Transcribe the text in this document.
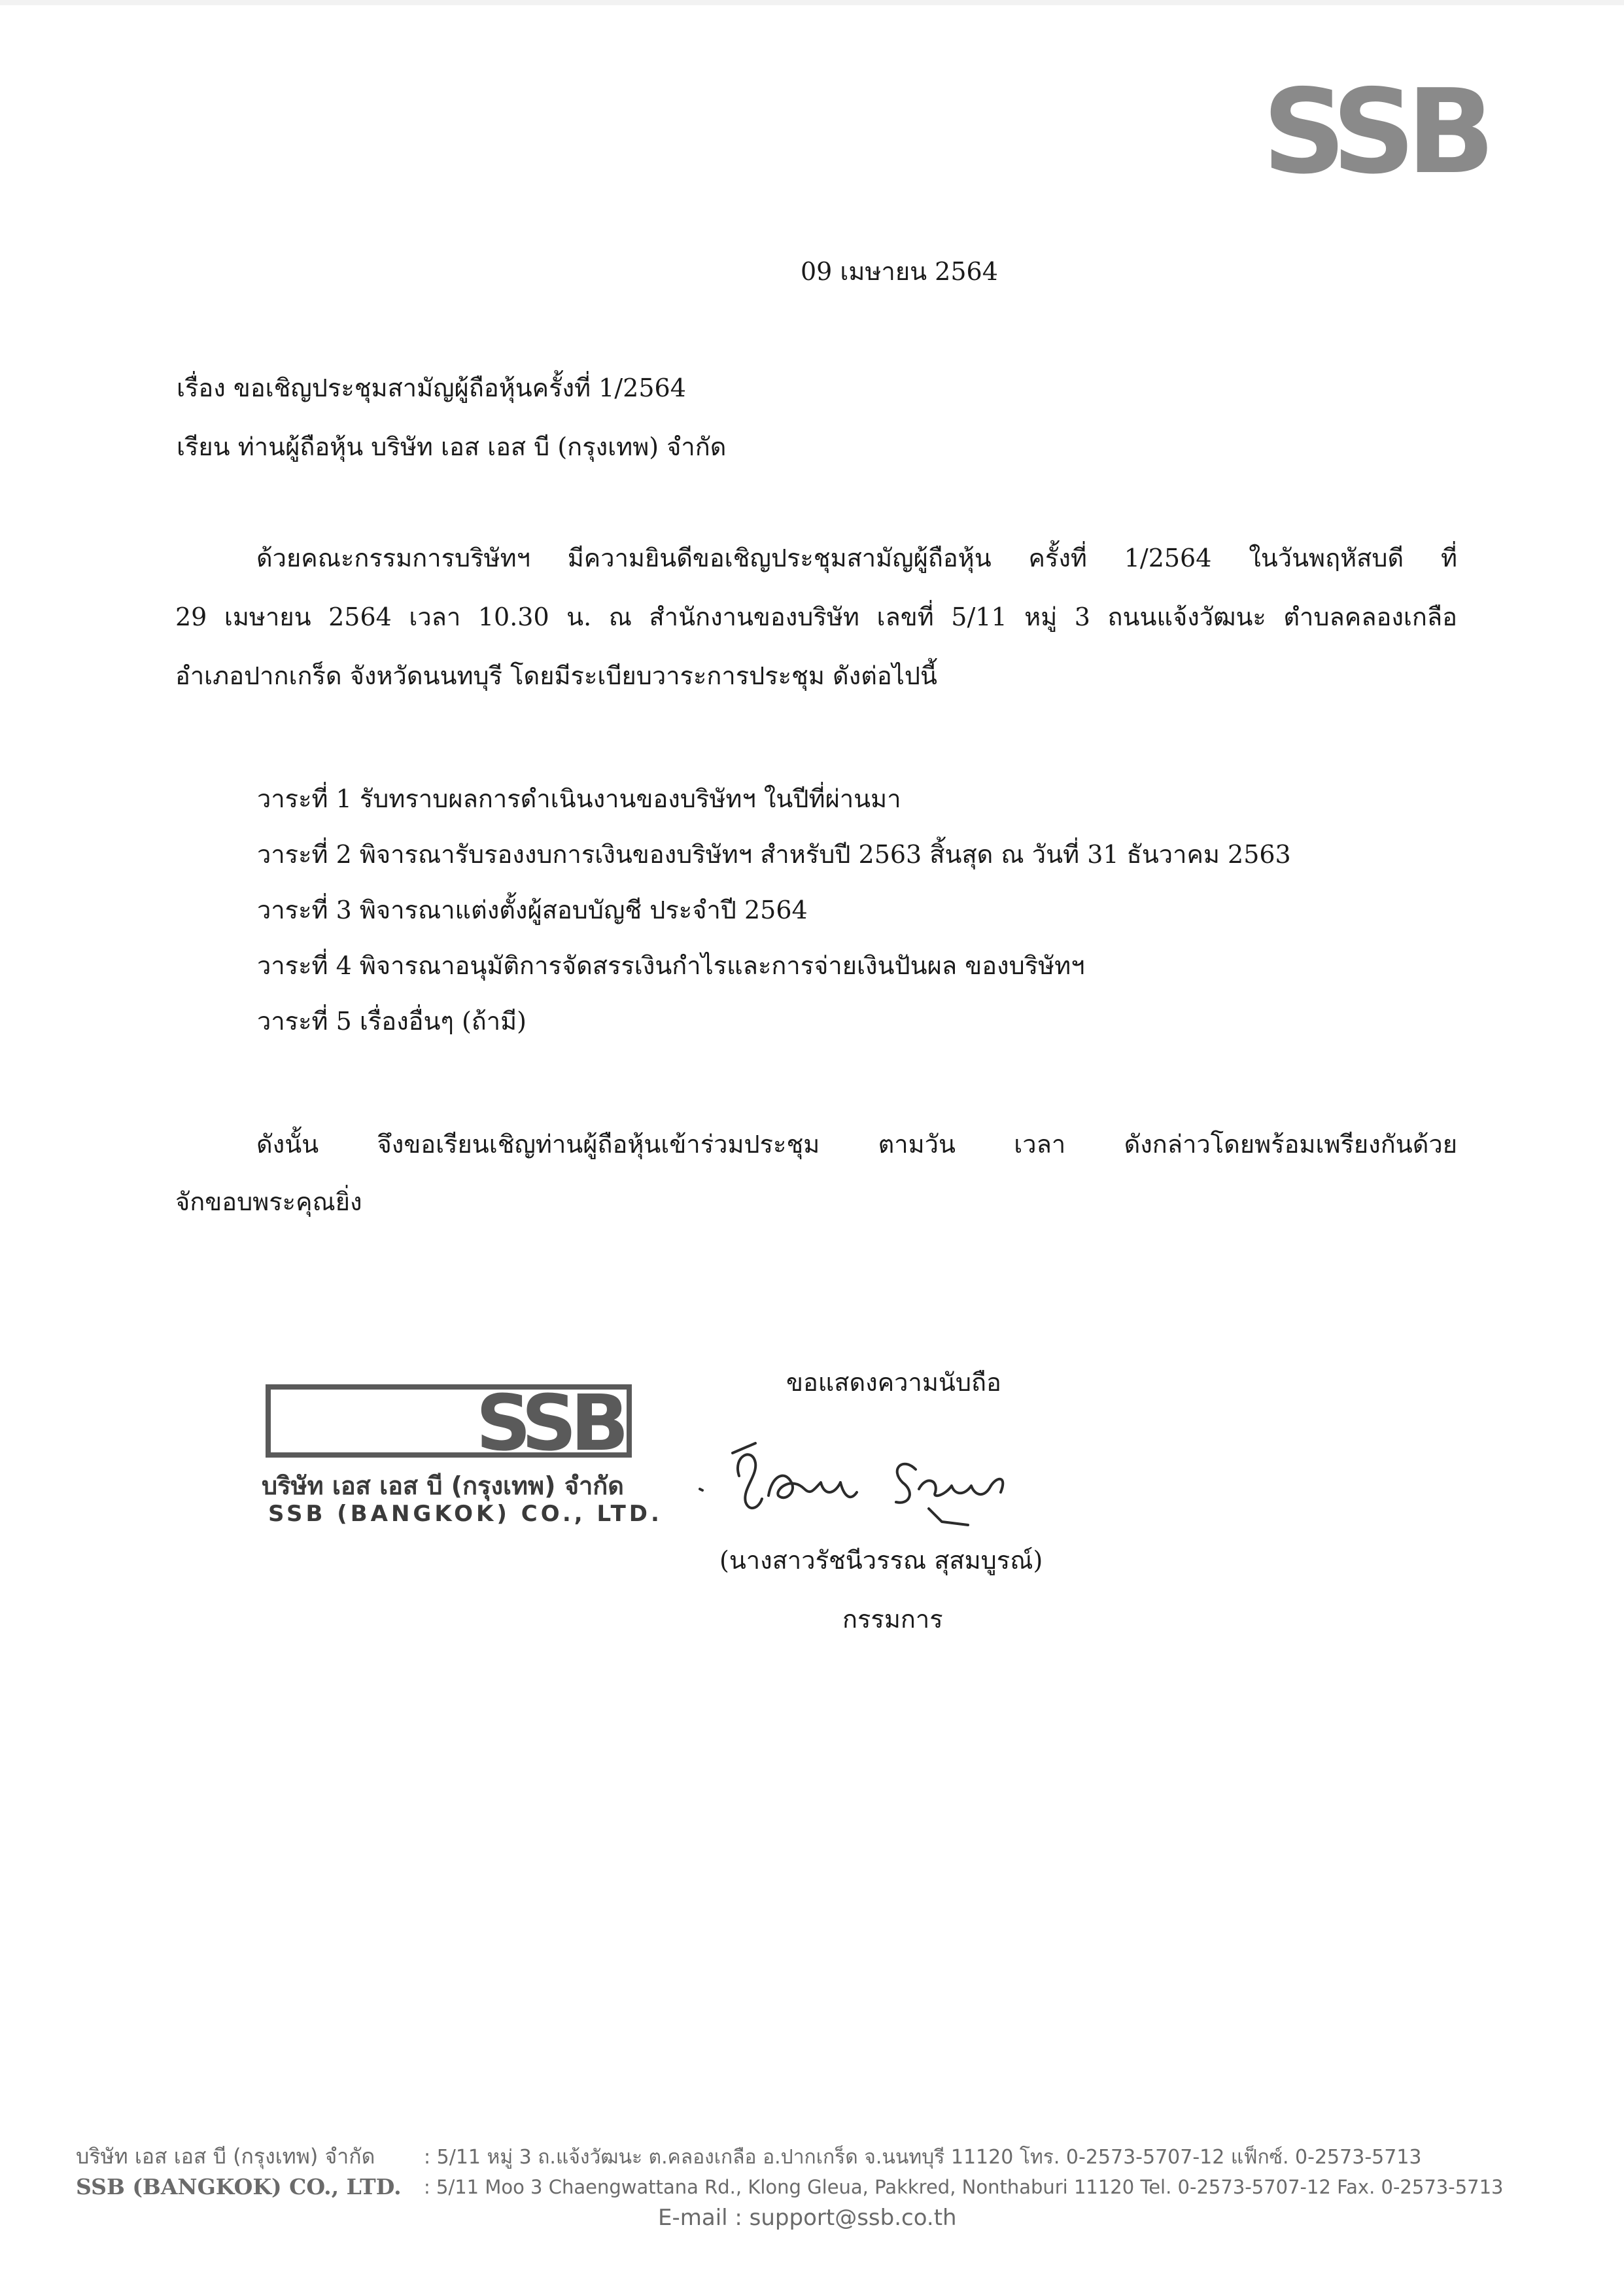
SSB
09 เมษายน 2564
เรื่อง ขอเชิญประชุมสามัญผู้ถือหุ้นครั้งที่ 1/2564
เรียน ท่านผู้ถือหุ้น บริษัท เอส เอส บี (กรุงเทพ) จำกัด
ด้วยคณะกรรมการบริษัทฯ มีความยินดีขอเชิญประชุมสามัญผู้ถือหุ้น ครั้งที่ 1/2564 ในวันพฤหัสบดี ที่
29 เมษายน 2564 เวลา 10.30 น. ณ สำนักงานของบริษัท เลขที่ 5/11 หมู่ 3 ถนนแจ้งวัฒนะ ตำบลคลองเกลือ
อำเภอปากเกร็ด จังหวัดนนทบุรี โดยมีระเบียบวาระการประชุม ดังต่อไปนี้
วาระที่ 1 รับทราบผลการดำเนินงานของบริษัทฯ ในปีที่ผ่านมา
วาระที่ 2 พิจารณารับรองงบการเงินของบริษัทฯ สำหรับปี 2563 สิ้นสุด ณ วันที่ 31 ธันวาคม 2563
วาระที่ 3 พิจารณาแต่งตั้งผู้สอบบัญชี ประจำปี 2564
วาระที่ 4 พิจารณาอนุมัติการจัดสรรเงินกำไรและการจ่ายเงินปันผล ของบริษัทฯ
วาระที่ 5 เรื่องอื่นๆ (ถ้ามี)
ดังนั้น จึงขอเรียนเชิญท่านผู้ถือหุ้นเข้าร่วมประชุม ตามวัน เวลา ดังกล่าวโดยพร้อมเพรียงกันด้วย
จักขอบพระคุณยิ่ง
ขอแสดงความนับถือ
SSB
บริษัท เอส เอส บี (กรุงเทพ) จำกัด
SSB (BANGKOK) CO., LTD.
(นางสาวรัชนีวรรณ สุสมบูรณ์)
กรรมการ
บริษัท เอส เอส บี (กรุงเทพ) จำกัด : 5/11 หมู่ 3 ถ.แจ้งวัฒนะ ต.คลองเกลือ อ.ปากเกร็ด จ.นนทบุรี 11120 โทร. 0-2573-5707-12 แฟ็กซ์. 0-2573-5713
SSB (BANGKOK) CO., LTD. : 5/11 Moo 3 Chaengwattana Rd., Klong Gleua, Pakkred, Nonthaburi 11120 Tel. 0-2573-5707-12 Fax. 0-2573-5713
E-mail : support@ssb.co.th
